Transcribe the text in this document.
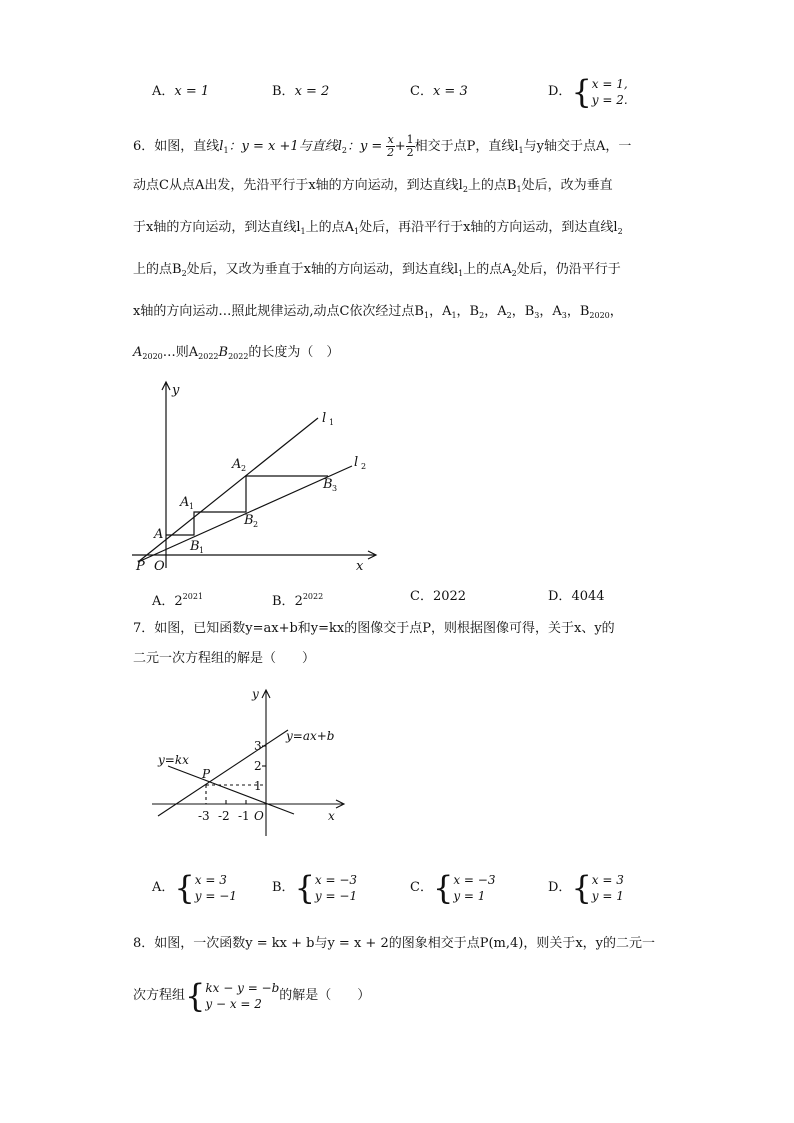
A．x = 1	B．x = 2	C．x = 3	D．{ x = 1,
y = 2.
6．如图，直线$l_1$：y = x +1与直线$l_2$：$y = \frac{x}{2} + \frac{1}{2}$ 相交于点P，直线$l_1$与y轴交于点A，一
动点C从点A出发，先沿平行于x轴的方向运动，到达直线$l_2$上的点$B_1$处后，改为垂直
于x轴的方向运动，到达直线$l_1$上的点$A_1$处后，再沿平行于x轴的方向运动，到达直线$l_2$
上的点$B_2$处后，又改为垂直于x轴的方向运动，到达直线$l_1$上的点$A_2$处后，仍沿平行于
x轴的方向运动…照此规律运动,动点C依次经过点$B_1$，$A_1$，$B_2$，$A_2$，$B_3$，$A_3$，$B_{2020}$，
$A_{2020}\dots$则$A_{2022}B_{2022}$的长度为（　）
y
x
l 1
l 2
A
A 1
A 2
B 1
B 2
B 3
P O
A．$2^{2021}$	B．$2^{2022}$	C．2022	D．4044
7．如图，已知函数y=ax+b和y=kx的图像交于点P，则根据图像可得，关于x、y的
二元一次方程组的解是（　　）
y
x
O
P
y=kx
y=ax+b
3
2
1
-3 -2 -1
A．{ x = 3
y = −1
B．{ x = −3
y = −1
C．{ x = −3
y = 1
D．{ x = 3
y = 1
8．如图，一次函数y = kx + b与y = x + 2的图象相交于点P(m,4)，则关于x，y的二元一
次方程组{ kx − y = −b
y − x = 2
的解是（　　）
